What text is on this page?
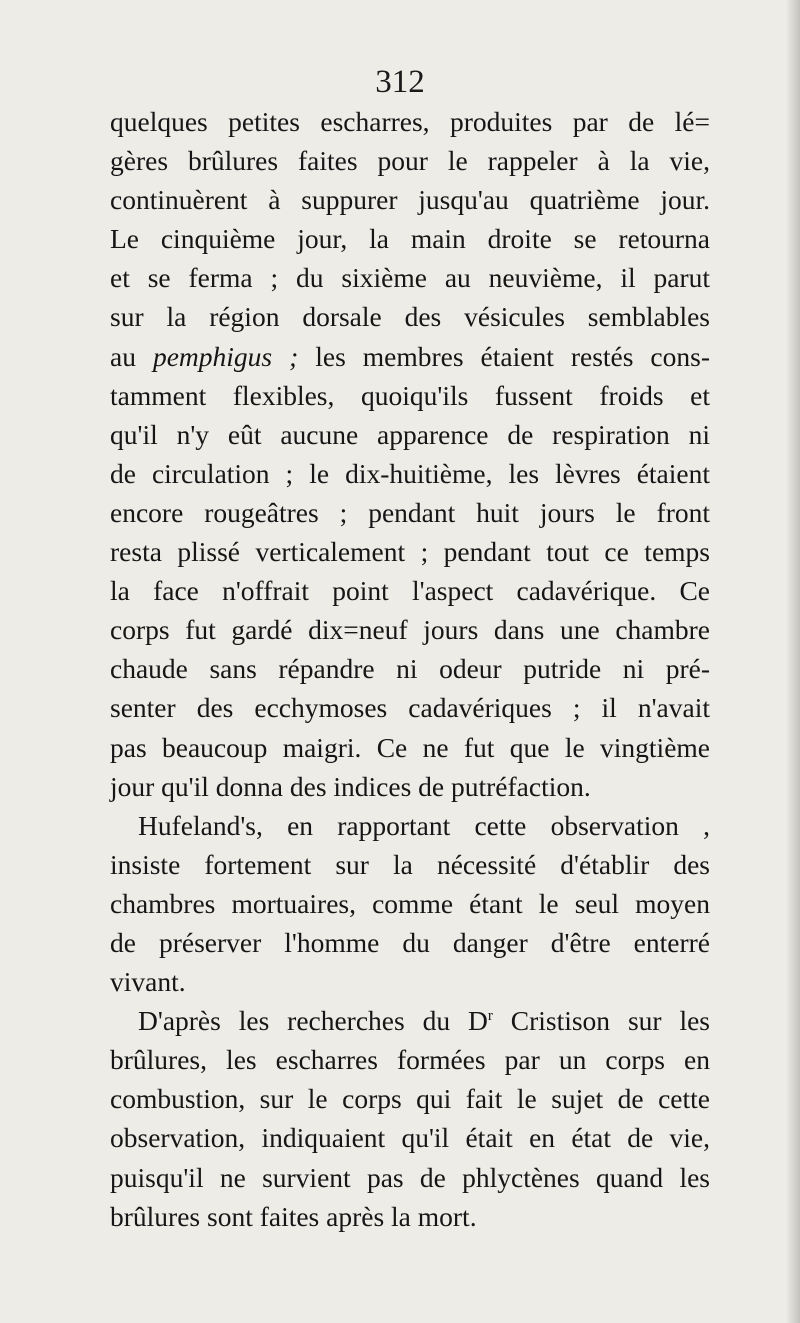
312
quelques petites escharres, produites par de lé=
gères brûlures faites pour le rappeler à la vie,
continuèrent à suppurer jusqu'au quatrième jour.
Le cinquième jour, la main droite se retourna
et se ferma ; du sixième au neuvième, il parut
sur la région dorsale des vésicules semblables
au pemphigus ; les membres étaient restés cons-
tamment flexibles, quoiqu'ils fussent froids et
qu'il n'y eût aucune apparence de respiration ni
de circulation ; le dix-huitième, les lèvres étaient
encore rougeâtres ; pendant huit jours le front
resta plissé verticalement ; pendant tout ce temps
la face n'offrait point l'aspect cadavérique. Ce
corps fut gardé dix=neuf jours dans une chambre
chaude sans répandre ni odeur putride ni pré-
senter des ecchymoses cadavériques ; il n'avait
pas beaucoup maigri. Ce ne fut que le vingtième
jour qu'il donna des indices de putréfaction.
Hufeland's, en rapportant cette observation ,
insiste fortement sur la nécessité d'établir des
chambres mortuaires, comme étant le seul moyen
de préserver l'homme du danger d'être enterré
vivant.
D'après les recherches du $D^r$ Cristison sur les
brûlures, les escharres formées par un corps en
combustion, sur le corps qui fait le sujet de cette
observation, indiquaient qu'il était en état de vie,
puisqu'il ne survient pas de phlyctènes quand les
brûlures sont faites après la mort.
